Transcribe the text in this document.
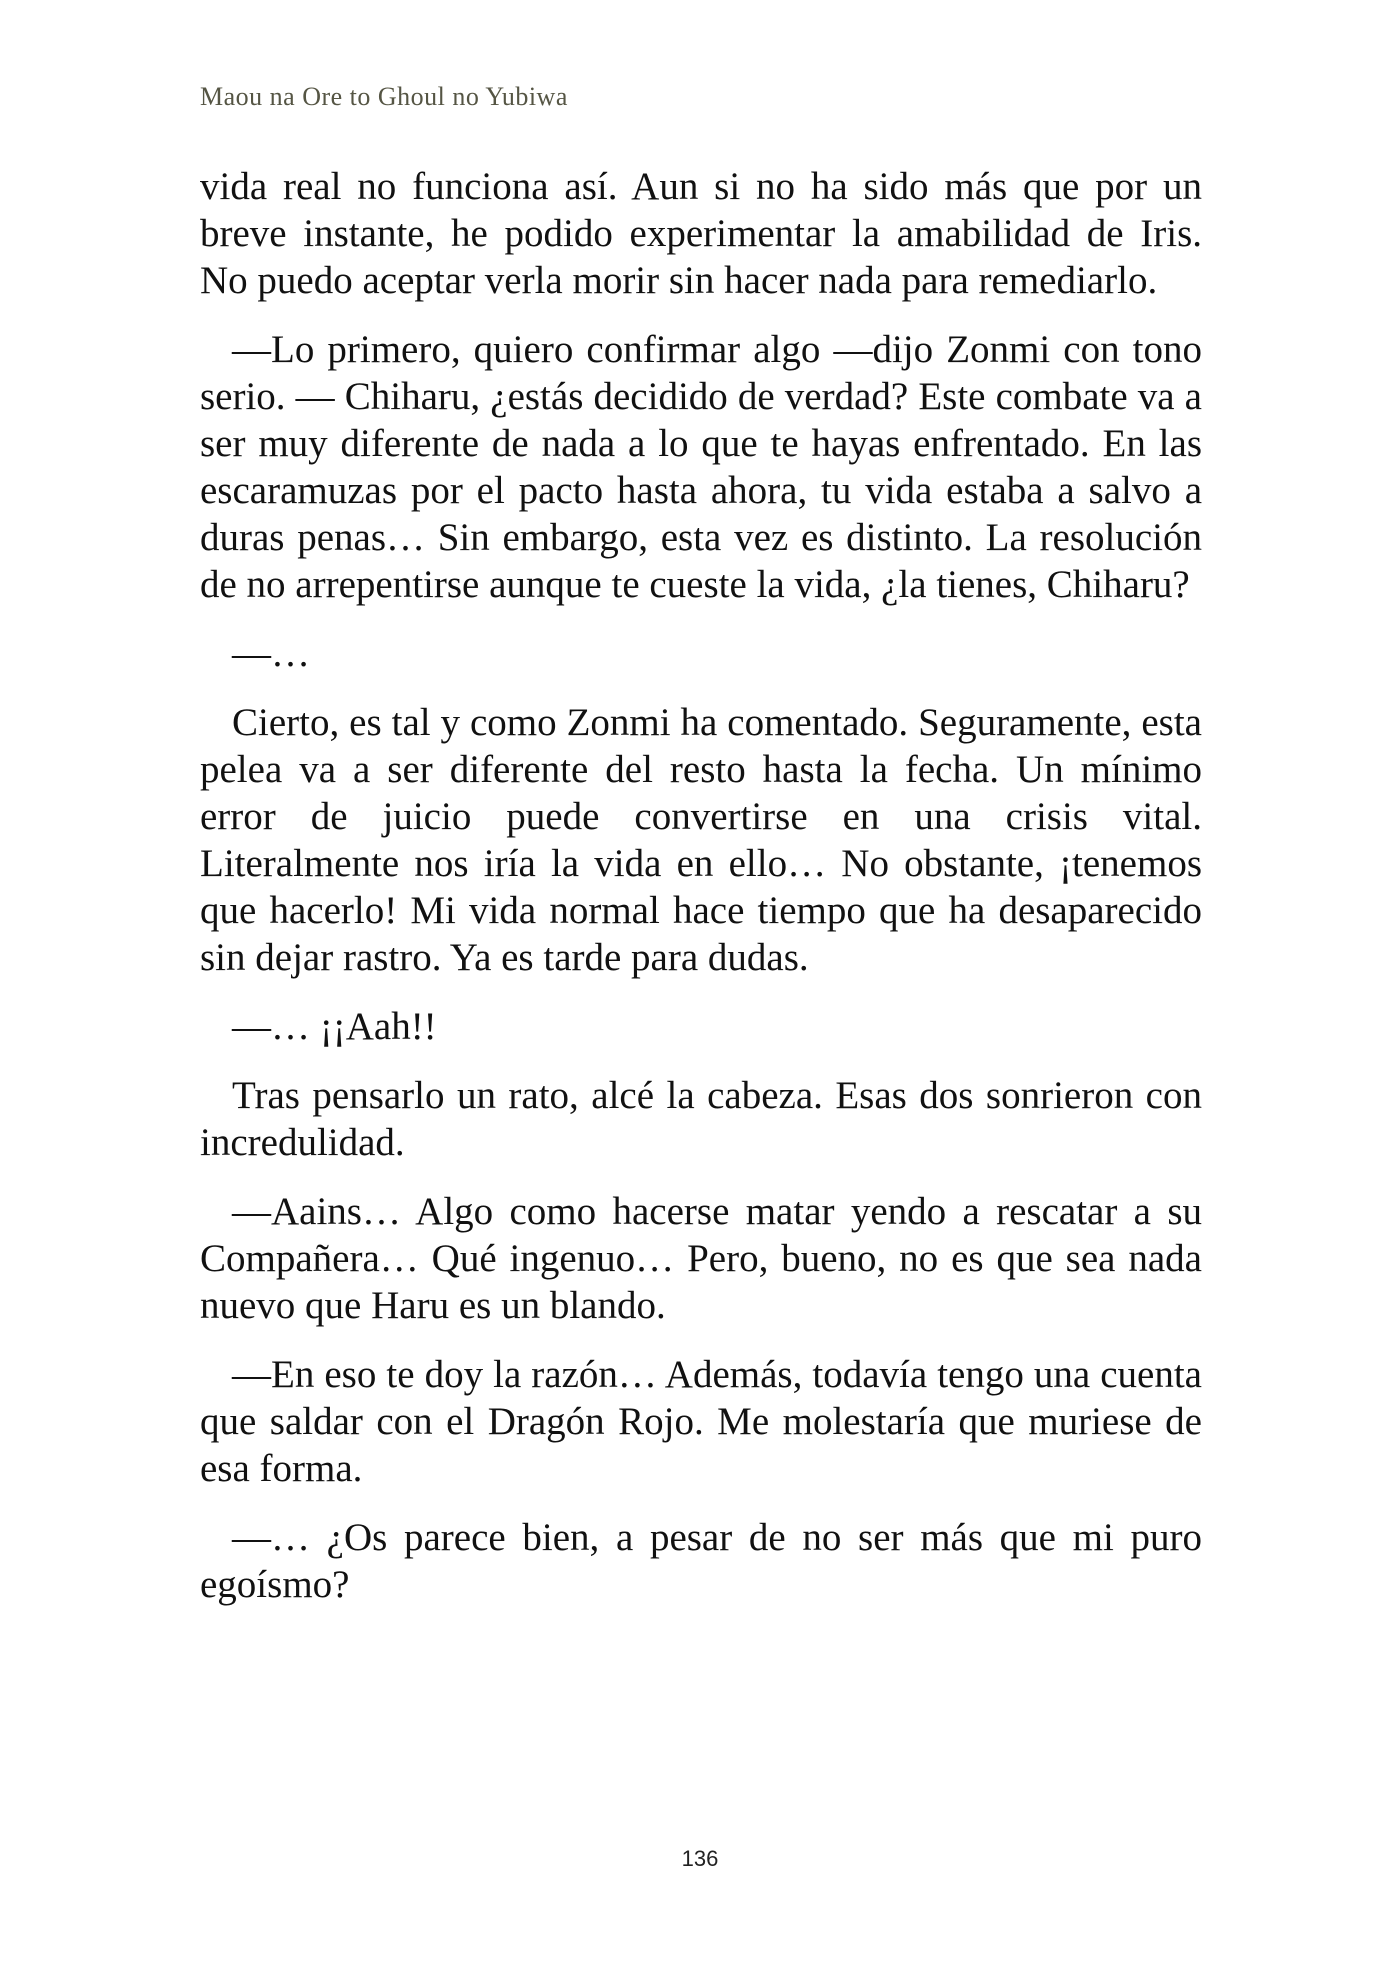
Maou na Ore to Ghoul no Yubiwa

vida real no funciona así. Aun si no ha sido más que por un breve instante, he podido experimentar la amabilidad de Iris. No puedo aceptar verla morir sin hacer nada para remediarlo.

—Lo primero, quiero confirmar algo —dijo Zonmi con tono serio. — Chiharu, ¿estás decidido de verdad? Este combate va a ser muy diferente de nada a lo que te hayas enfrentado. En las escaramuzas por el pacto hasta ahora, tu vida estaba a salvo a duras penas… Sin embargo, esta vez es distinto. La resolución de no arrepentirse aunque te cueste la vida, ¿la tienes, Chiharu?

—…

Cierto, es tal y como Zonmi ha comentado. Seguramente, esta pelea va a ser diferente del resto hasta la fecha. Un mínimo error de juicio puede convertirse en una crisis vital. Literalmente nos iría la vida en ello… No obstante, ¡tenemos que hacerlo! Mi vida normal hace tiempo que ha desaparecido sin dejar rastro. Ya es tarde para dudas.

—… ¡¡Aah!!

Tras pensarlo un rato, alcé la cabeza. Esas dos sonrieron con incredulidad.

—Aains… Algo como hacerse matar yendo a rescatar a su Compañera… Qué ingenuo… Pero, bueno, no es que sea nada nuevo que Haru es un blando.

—En eso te doy la razón… Además, todavía tengo una cuenta que saldar con el Dragón Rojo. Me molestaría que muriese de esa forma.

—… ¿Os parece bien, a pesar de no ser más que mi puro egoísmo?

136
